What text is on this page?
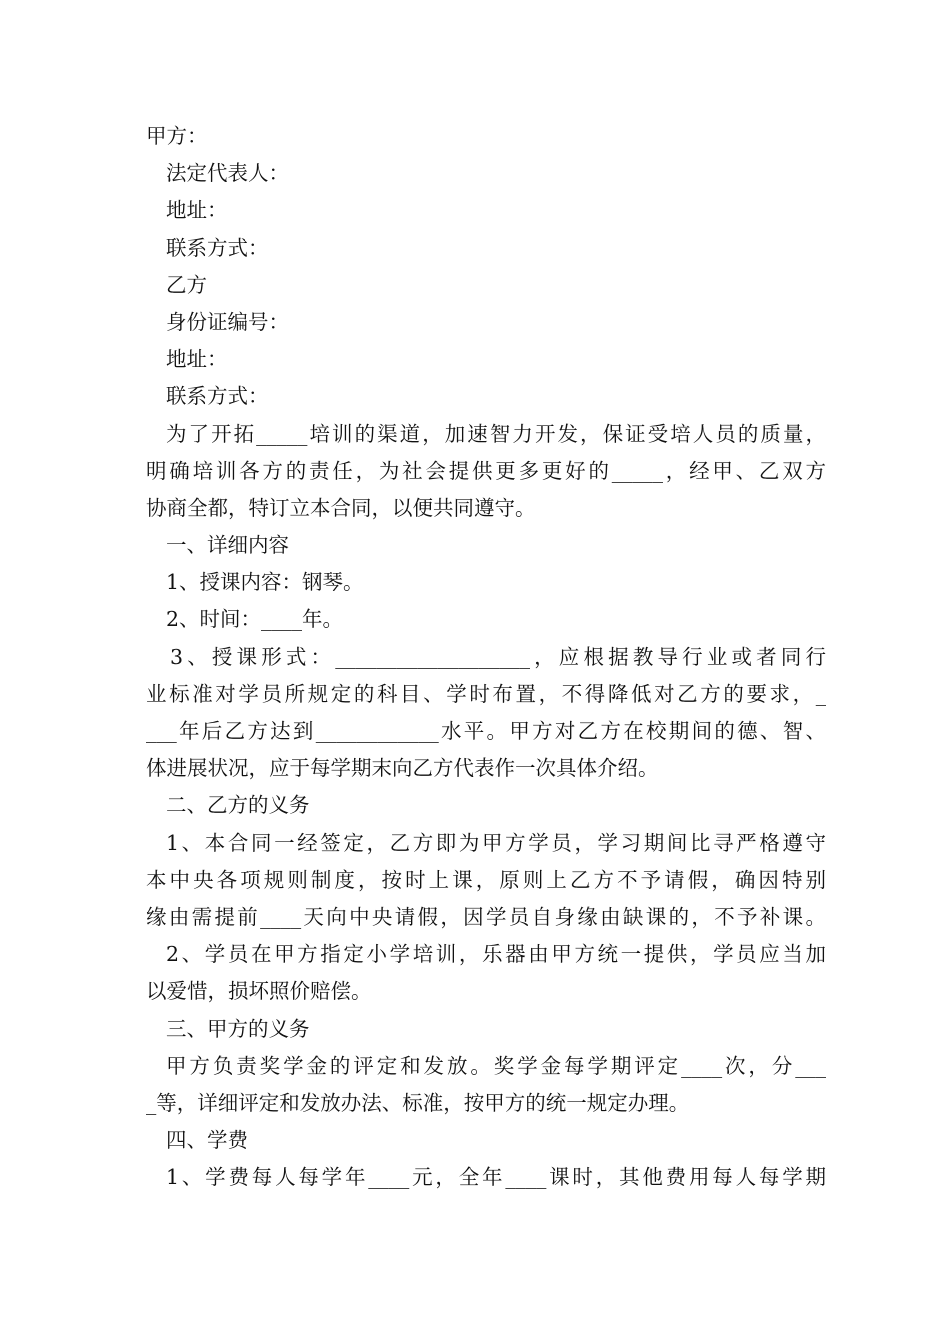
甲方：

法定代表人：

地址：

联系方式：

乙方

身份证编号：

地址：

联系方式：

为了开拓_____培训的渠道，加速智力开发，保证受培人员的质量，

明确培训各方的责任，为社会提供更多更好的_____，经甲、乙双方

协商全都，特订立本合同，以便共同遵守。

一、详细内容

1、授课内容：钢琴。

2、时间：____年。

3、授课形式：___________________，应根据教导行业或者同行

业标准对学员所规定的科目、学时布置，不得降低对乙方的要求，_

___年后乙方达到____________水平。甲方对乙方在校期间的德、智、

体进展状况，应于每学期末向乙方代表作一次具体介绍。

二、乙方的义务

1、本合同一经签定，乙方即为甲方学员，学习期间比寻严格遵守

本中央各项规则制度，按时上课，原则上乙方不予请假，确因特别

缘由需提前____天向中央请假，因学员自身缘由缺课的，不予补课。

2、学员在甲方指定小学培训，乐器由甲方统一提供，学员应当加

以爱惜，损坏照价赔偿。

三、甲方的义务

甲方负责奖学金的评定和发放。奖学金每学期评定____次，分___

_等，详细评定和发放办法、标准，按甲方的统一规定办理。

四、学费

1、学费每人每学年____元，全年____课时，其他费用每人每学期
